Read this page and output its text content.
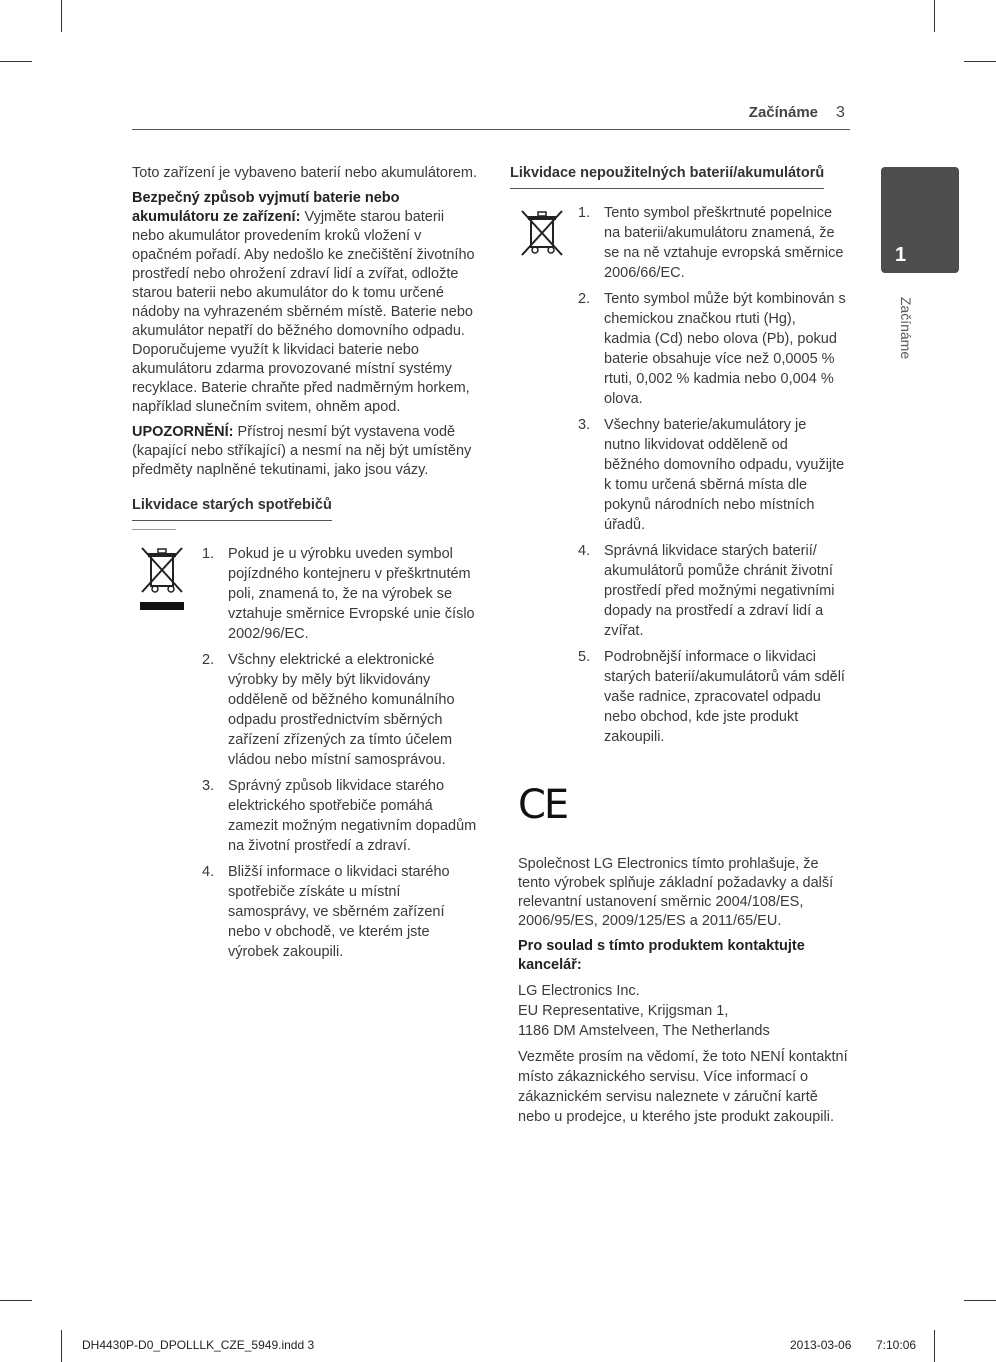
Začínáme 3
1
Začínáme

Toto zařízení je vybaveno baterií nebo akumulátorem.

Bezpečný způsob vyjmutí baterie nebo akumulátoru ze zařízení: Vyjměte starou baterii nebo akumulátor provedením kroků vložení v opačném pořadí. Aby nedošlo ke znečištění životního prostředí nebo ohrožení zdraví lidí a zvířat, odložte starou baterii nebo akumulátor do k tomu určené nádoby na vyhrazeném sběrném místě. Baterie nebo akumulátor nepatří do běžného domovního odpadu. Doporučujeme využít k likvidaci baterie nebo akumulátoru zdarma provozované místní systémy recyklace. Baterie chraňte před nadměrným horkem, například slunečním svitem, ohněm apod.

UPOZORNĚNÍ: Přístroj nesmí být vystavena vodě (kapající nebo stříkající) a nesmí na něj být umístěny předměty naplněné tekutinami, jako jsou vázy.

Likvidace starých spotřebičů
1. Pokud je u výrobku uveden symbol pojízdného kontejneru v přeškrtnutém poli, znamená to, že na výrobek se vztahuje směrnice Evropské unie číslo 2002/96/EC.
2. Všchny elektrické a elektronické výrobky by měly být likvidovány odděleně od běžného komunálního odpadu prostřednictvím sběrných zařízení zřízených za tímto účelem vládou nebo místní samosprávou.
3. Správný způsob likvidace starého elektrického spotřebiče pomáhá zamezit možným negativním dopadům na životní prostředí a zdraví.
4. Bližší informace o likvidaci starého spotřebiče získáte u místní samosprávy, ve sběrném zařízení nebo v obchodě, ve kterém jste výrobek zakoupili.
Likvidace nepoužitelných baterií/akumulátorů
1. Tento symbol přeškrtnuté popelnice na baterii/akumulátoru znamená, že se na ně vztahuje evropská směrnice 2006/66/EC.
2. Tento symbol může být kombinován s chemickou značkou rtuti (Hg), kadmia (Cd) nebo olova (Pb), pokud baterie obsahuje více než 0,0005 % rtuti, 0,002 % kadmia nebo 0,004 % olova.
3. Všechny baterie/akumulátory je nutno likvidovat odděleně od běžného domovního odpadu, využijte k tomu určená sběrná místa dle pokynů národních nebo místních úřadů.
4. Správná likvidace starých baterií/ akumulátorů pomůže chránit životní prostředí před možnými negativními dopady na prostředí a zdraví lidí a zvířat.
5. Podrobnější informace o likvidaci starých baterií/akumulátorů vám sdělí vaše radnice, zpracovatel odpadu nebo obchod, kde jste produkt zakoupili.
CE

Společnost LG Electronics tímto prohlašuje, že tento výrobek splňuje základní požadavky a další relevantní ustanovení směrnic 2004/108/ES, 2006/95/ES, 2009/125/ES a 2011/65/EU.

Pro soulad s tímto produktem kontaktujte kancelář:

LG Electronics Inc.
EU Representative, Krijgsman 1,
1186 DM Amstelveen, The Netherlands

Vezměte prosím na vědomí, že toto NENÍ kontaktní místo zákaznického servisu. Více informací o zákaznickém servisu naleznete v záruční kartě nebo u prodejce, u kterého jste produkt zakoupili.

DH4430P-D0_DPOLLLK_CZE_5949.indd 3	2013-03-06 7:10:06
